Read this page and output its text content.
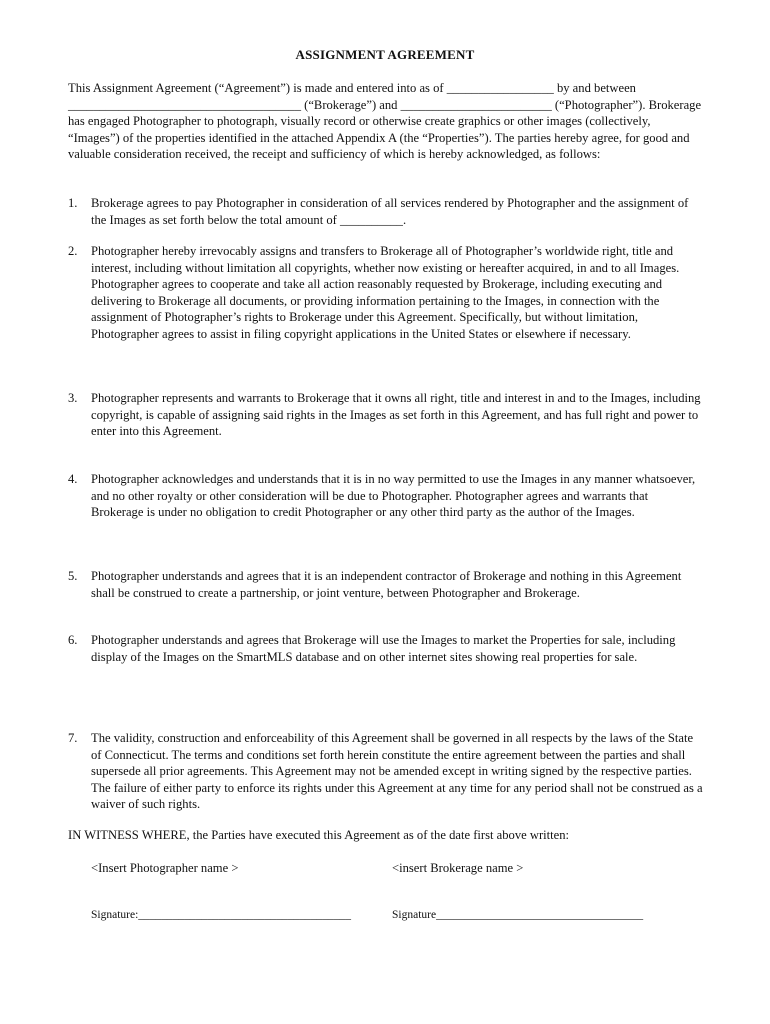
ASSIGNMENT AGREEMENT
This Assignment Agreement (“Agreement”) is made and entered into as of _________________ by and between _____________________________________ (“Brokerage”) and ________________________ (“Photographer”). Brokerage has engaged Photographer to photograph, visually record or otherwise create graphics or other images (collectively, “Images”) of the properties identified in the attached Appendix A (the “Properties”). The parties hereby agree, for good and valuable consideration received, the receipt and sufficiency of which is hereby acknowledged, as follows:
1. Brokerage agrees to pay Photographer in consideration of all services rendered by Photographer and the assignment of the Images as set forth below the total amount of __________.
2. Photographer hereby irrevocably assigns and transfers to Brokerage all of Photographer’s worldwide right, title and interest, including without limitation all copyrights, whether now existing or hereafter acquired, in and to all Images. Photographer agrees to cooperate and take all action reasonably requested by Brokerage, including executing and delivering to Brokerage all documents, or providing information pertaining to the Images, in connection with the assignment of Photographer’s rights to Brokerage under this Agreement. Specifically, but without limitation, Photographer agrees to assist in filing copyright applications in the United States or elsewhere if necessary.
3. Photographer represents and warrants to Brokerage that it owns all right, title and interest in and to the Images, including copyright, is capable of assigning said rights in the Images as set forth in this Agreement, and has full right and power to enter into this Agreement.
4. Photographer acknowledges and understands that it is in no way permitted to use the Images in any manner whatsoever, and no other royalty or other consideration will be due to Photographer. Photographer agrees and warrants that Brokerage is under no obligation to credit Photographer or any other third party as the author of the Images.
5. Photographer understands and agrees that it is an independent contractor of Brokerage and nothing in this Agreement shall be construed to create a partnership, or joint venture, between Photographer and Brokerage.
6. Photographer understands and agrees that Brokerage will use the Images to market the Properties for sale, including display of the Images on the SmartMLS database and on other internet sites showing real properties for sale.
7. The validity, construction and enforceability of this Agreement shall be governed in all respects by the laws of the State of Connecticut. The terms and conditions set forth herein constitute the entire agreement between the parties and shall supersede all prior agreements. This Agreement may not be amended except in writing signed by the respective parties. The failure of either party to enforce its rights under this Agreement at any time for any period shall not be construed as a waiver of such rights.
IN WITNESS WHERE, the Parties have executed this Agreement as of the date first above written:
<Insert Photographer name >	<insert Brokerage name >
Signature:_____________________________________	Signature____________________________________
